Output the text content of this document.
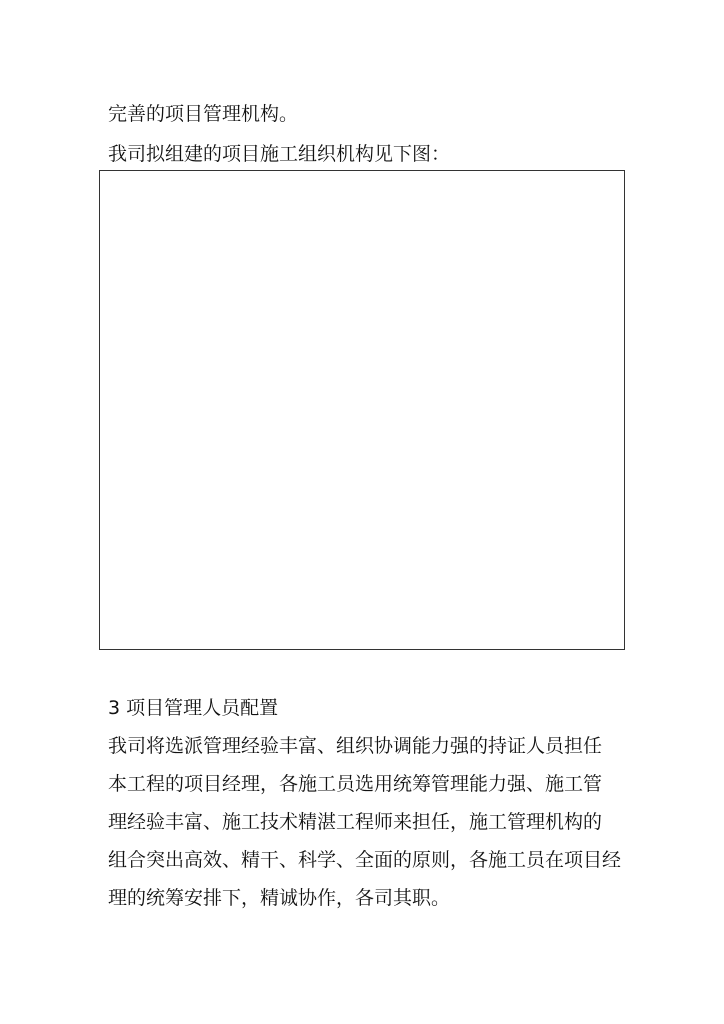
完善的项目管理机构。

我司拟组建的项目施工组织机构见下图：

3 项目管理人员配置

我司将选派管理经验丰富、组织协调能力强的持证人员担任

本工程的项目经理，各施工员选用统筹管理能力强、施工管

理经验丰富、施工技术精湛工程师来担任，施工管理机构的

组合突出高效、精干、科学、全面的原则，各施工员在项目经

理的统筹安排下，精诚协作，各司其职。
